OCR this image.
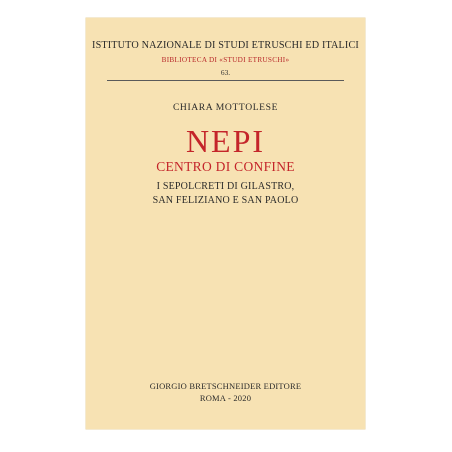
ISTITUTO NAZIONALE DI STUDI ETRUSCHI ED ITALICI
BIBLIOTECA DI «STUDI ETRUSCHI»
63.
CHIARA MOTTOLESE
NEPI
CENTRO DI CONFINE
I SEPOLCRETI DI GILASTRO,
SAN FELIZIANO E SAN PAOLO
GIORGIO BRETSCHNEIDER EDITORE
ROMA - 2020
